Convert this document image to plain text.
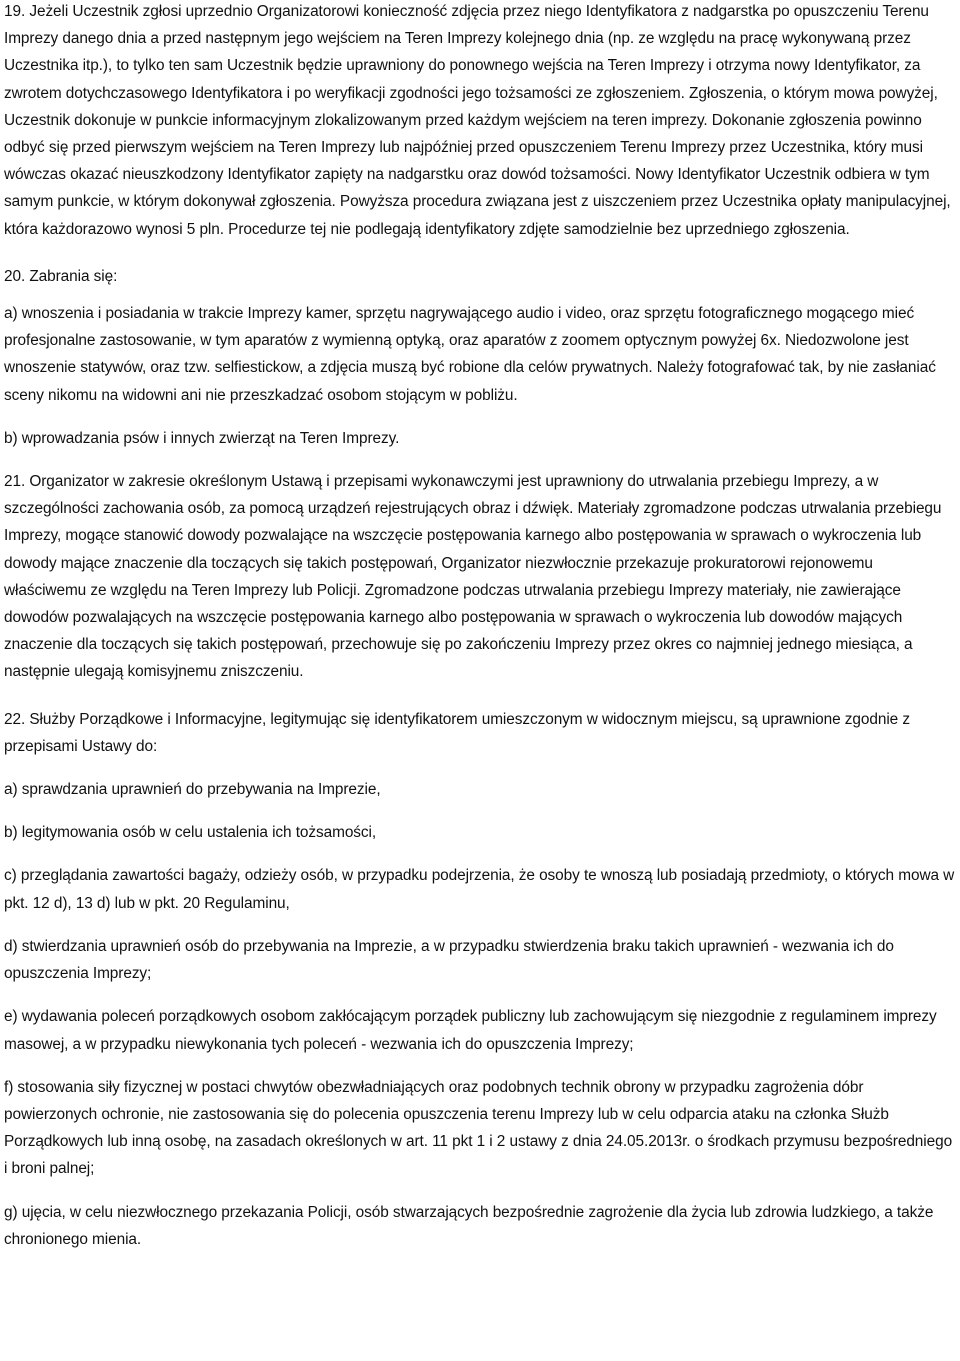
19. Jeżeli Uczestnik zgłosi uprzednio Organizatorowi konieczność zdjęcia przez niego Identyfikatora z nadgarstka po opuszczeniu Terenu Imprezy danego dnia a przed następnym jego wejściem na Teren Imprezy kolejnego dnia (np. ze względu na pracę wykonywaną przez Uczestnika itp.), to tylko ten sam Uczestnik będzie uprawniony do ponownego wejścia na Teren Imprezy i otrzyma nowy Identyfikator, za zwrotem dotychczasowego Identyfikatora i po weryfikacji zgodności jego tożsamości ze zgłoszeniem. Zgłoszenia, o którym mowa powyżej, Uczestnik dokonuje w punkcie informacyjnym zlokalizowanym przed każdym wejściem na teren imprezy. Dokonanie zgłoszenia powinno odbyć się przed pierwszym wejściem na Teren Imprezy lub najpóźniej przed opuszczeniem Terenu Imprezy przez Uczestnika, który musi wówczas okazać nieuszkodzony Identyfikator zapięty na nadgarstku oraz dowód tożsamości. Nowy Identyfikator Uczestnik odbiera w tym samym punkcie, w którym dokonywał zgłoszenia. Powyższa procedura związana jest z uiszczeniem przez Uczestnika opłaty manipulacyjnej, która każdorazowo wynosi 5 pln. Procedurze tej nie podlegają identyfikatory zdjęte samodzielnie bez uprzedniego zgłoszenia.

20. Zabrania się:

a) wnoszenia i posiadania w trakcie Imprezy kamer, sprzętu nagrywającego audio i video, oraz sprzętu fotograficznego mogącego mieć profesjonalne zastosowanie, w tym aparatów z wymienną optyką, oraz aparatów z zoomem optycznym powyżej 6x. Niedozwolone jest wnoszenie statywów, oraz tzw. selfiestickow, a zdjęcia muszą być robione dla celów prywatnych. Należy fotografować tak, by nie zasłaniać sceny nikomu na widowni ani nie przeszkadzać osobom stojącym w pobliżu.

b) wprowadzania psów i innych zwierząt na Teren Imprezy.

21. Organizator w zakresie określonym Ustawą i przepisami wykonawczymi jest uprawniony do utrwalania przebiegu Imprezy, a w szczególności zachowania osób, za pomocą urządzeń rejestrujących obraz i dźwięk. Materiały zgromadzone podczas utrwalania przebiegu Imprezy, mogące stanowić dowody pozwalające na wszczęcie postępowania karnego albo postępowania w sprawach o wykroczenia lub dowody mające znaczenie dla toczących się takich postępowań, Organizator niezwłocznie przekazuje prokuratorowi rejonowemu właściwemu ze względu na Teren Imprezy lub Policji. Zgromadzone podczas utrwalania przebiegu Imprezy materiały, nie zawierające dowodów pozwalających na wszczęcie postępowania karnego albo postępowania w sprawach o wykroczenia lub dowodów mających znaczenie dla toczących się takich postępowań, przechowuje się po zakończeniu Imprezy przez okres co najmniej jednego miesiąca, a następnie ulegają komisyjnemu zniszczeniu.

22. Służby Porządkowe i Informacyjne, legitymując się identyfikatorem umieszczonym w widocznym miejscu, są uprawnione zgodnie z przepisami Ustawy do:

a) sprawdzania uprawnień do przebywania na Imprezie,

b) legitymowania osób w celu ustalenia ich tożsamości,

c) przeglądania zawartości bagaży, odzieży osób, w przypadku podejrzenia, że osoby te wnoszą lub posiadają przedmioty, o których mowa w pkt. 12 d), 13 d) lub w pkt. 20 Regulaminu,

d) stwierdzania uprawnień osób do przebywania na Imprezie, a w przypadku stwierdzenia braku takich uprawnień - wezwania ich do opuszczenia Imprezy;

e) wydawania poleceń porządkowych osobom zakłócającym porządek publiczny lub zachowującym się niezgodnie z regulaminem imprezy masowej, a w przypadku niewykonania tych poleceń - wezwania ich do opuszczenia Imprezy;

f) stosowania siły fizycznej w postaci chwytów obezwładniających oraz podobnych technik obrony w przypadku zagrożenia dóbr powierzonych ochronie, nie zastosowania się do polecenia opuszczenia terenu Imprezy lub w celu odparcia ataku na członka Służb Porządkowych lub inną osobę, na zasadach określonych w art. 11 pkt 1 i 2 ustawy z dnia 24.05.2013r. o środkach przymusu bezpośredniego i broni palnej;

g) ujęcia, w celu niezwłocznego przekazania Policji, osób stwarzających bezpośrednie zagrożenie dla życia lub zdrowia ludzkiego, a także chronionego mienia.
